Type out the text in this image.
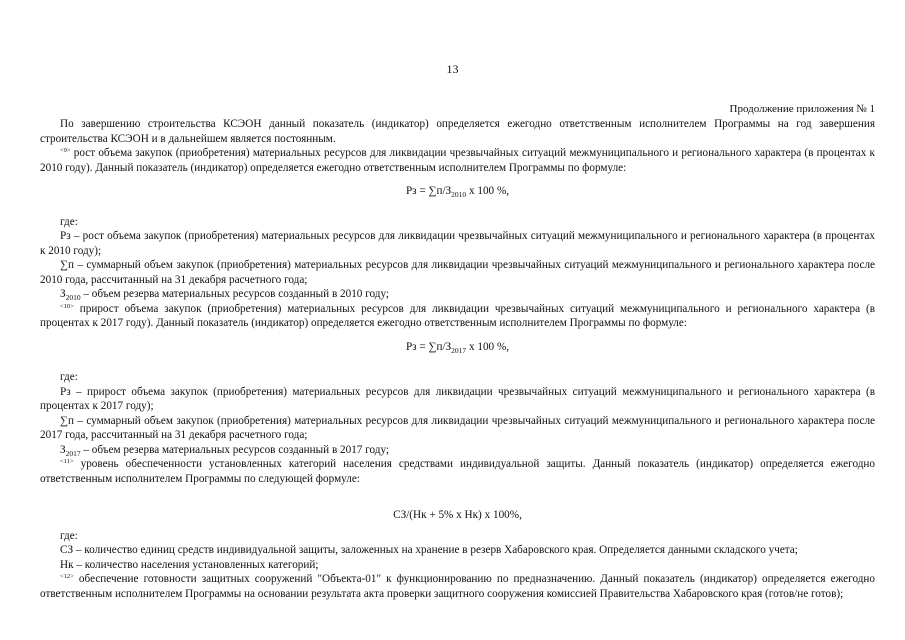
13
Продолжение приложения № 1

По завершению строительства КСЭОН данный показатель (индикатор) определяется ежегодно ответственным исполнителем Программы на год завершения строительства КСЭОН и в дальнейшем является постоянным.

$^{<9>}$ рост объема закупок (приобретения) материальных ресурсов для ликвидации чрезвычайных ситуаций межмуниципального и регионального характера (в процентах к 2010 году). Данный показатель (индикатор) определяется ежегодно ответственным исполнителем Программы по формуле:

Рз = $\sum п/З_{2010}$ x 100 %,

где:

Рз – рост объема закупок (приобретения) материальных ресурсов для ликвидации чрезвычайных ситуаций межмуниципального и регионального характера (в процентах к 2010 году);

∑п – суммарный объем закупок (приобретения) материальных ресурсов для ликвидации чрезвычайных ситуаций межмуниципального и регионального характера после 2010 года, рассчитанный на 31 декабря расчетного года;

$З_{2010}$ – объем резерва материальных ресурсов созданный в 2010 году;

$^{<10>}$ прирост объема закупок (приобретения) материальных ресурсов для ликвидации чрезвычайных ситуаций межмуниципального и регионального характера (в процентах к 2017 году). Данный показатель (индикатор) определяется ежегодно ответственным исполнителем Программы по формуле:

Рз = $\sum п/З_{2017}$ x 100 %,

где:

Рз – прирост объема закупок (приобретения) материальных ресурсов для ликвидации чрезвычайных ситуаций межмуниципального и регионального характера (в процентах к 2017 году);

∑п – суммарный объем закупок (приобретения) материальных ресурсов для ликвидации чрезвычайных ситуаций межмуниципального и регионального характера после 2017 года, рассчитанный на 31 декабря расчетного года;

$З_{2017}$ – объем резерва материальных ресурсов созданный в 2017 году;

$^{<11>}$ уровень обеспеченности установленных категорий населения средствами индивидуальной защиты. Данный показатель (индикатор) определяется ежегодно ответственным исполнителем Программы по следующей формуле:

СЗ/(Нк + 5% х Нк) х 100%,

где:

СЗ – количество единиц средств индивидуальной защиты, заложенных на хранение в резерв Хабаровского края. Определяется данными складского учета;

Нк – количество населения установленных категорий;

$^{<12>}$ обеспечение готовности защитных сооружений "Объекта-01" к функционированию по предназначению. Данный показатель (индикатор) определяется ежегодно ответственным исполнителем Программы на основании результата акта проверки защитного сооружения комиссией Правительства Хабаровского края (готов/не готов);
